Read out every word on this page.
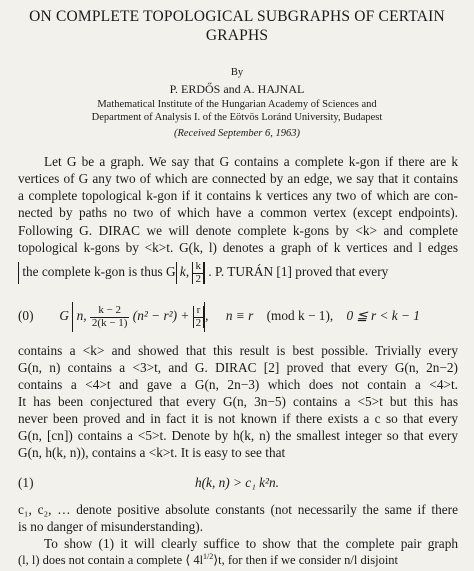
ON COMPLETE TOPOLOGICAL SUBGRAPHS OF CERTAIN
GRAPHS
By
P. ERDŐS and A. HAJNAL
Mathematical Institute of the Hungarian Academy of Sciences and
Department of Analysis I. of the Eötvös Loránd University, Budapest
(Received September 6, 1963)
Let G be a graph. We say that G contains a complete k-gon if there are k
vertices of G any two of which are connected by an edge, we say that it contains
a complete topological k-gon if it contains k vertices any two of which are con-
nected by paths no two of which have a common vertex (except endpoints).
Following G. DIRAC we will denote complete k-gons by <k> and complete
topological k-gons by <k>t. G(k, l) denotes a graph of k vertices and l edges
the complete k-gon is thus G k, $\frac{k}{2}$ . P. TURÁN [1] proved that every
(0) G n, $\frac{k - 2}{2(k - 1)} (n^2 - r^2) + \frac{r}{2}$ , n ≡ r (mod k − 1), 0 ≦ r < k − 1
contains a <k> and showed that this result is best possible. Trivially every
G(n, n) contains a <3>t, and G. DIRAC [2] proved that every G(n, 2n−2)
contains a <4>t and gave a G(n, 2n−3) which does not contain a <4>t.
It has been conjectured that every G(n, 3n−5) contains a <5>t but this has
never been proved and in fact it is not known if there exists a c so that every
G(n, [cn]) contains a <5>t. Denote by h(k, n) the smallest integer so that every
G(n, h(k, n)), contains a <k>t. It is easy to see that
(1)	h(k, n) > c₁ k²n.
c₁, c₂, … denote positive absolute constants (not necessarily the same if there
is no danger of misunderstanding).
To show (1) it will clearly suffice to show that the complete pair graph
(l, l) does not contain a complete ⟨ $4l^{1/2}⟩t$, for then if we consider n/l disjoint
